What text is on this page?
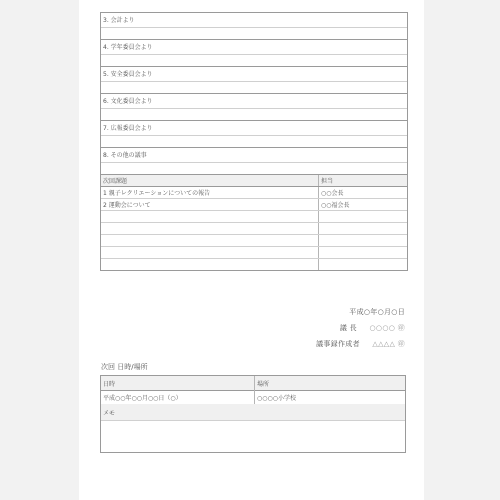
3. 会計より
4. 学年委員会より
5. 安全委員会より
6. 文化委員会より
7. 広報委員会より
8. その他の議事
次回課題	担当
1 親子レクリエーションについての報告	○○会長
2 運動会について	○○福会長

平成○年○月○日
議 長 ○○○○ ㊞
議事録作成者 △△△△ ㊞
次回 日時/場所
日時	場所
平成○○年○○月○○日（○）	○○○○小学校
メモ
